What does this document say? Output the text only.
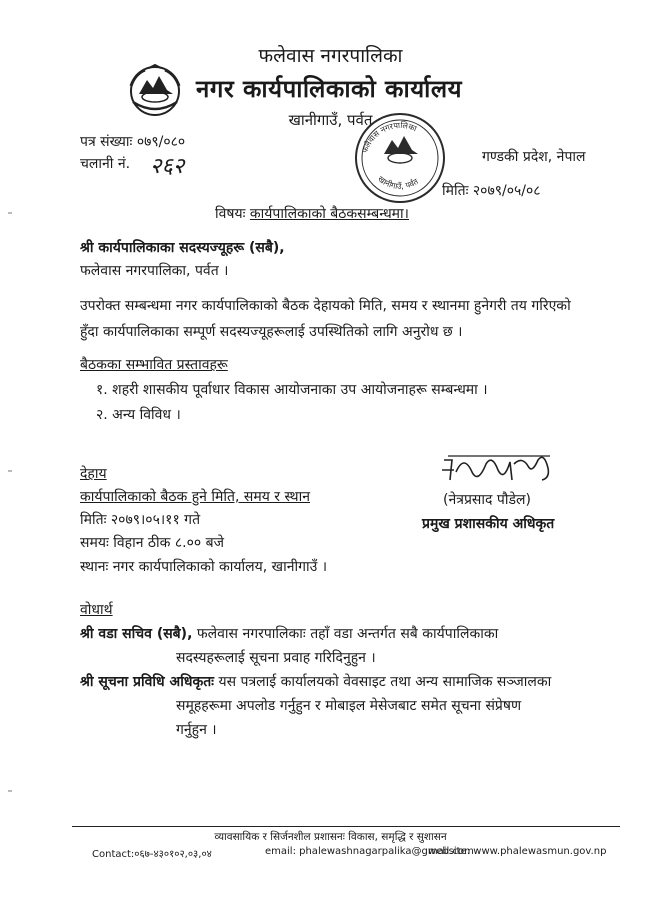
फलेवास नगरपालिका
नगर कार्यपालिकाको कार्यालय
खानीगाउँ, पर्वत
पत्र संख्याः ०७९/०८०
चलानी नं. २६२	गण्डकी प्रदेश, नेपाल
फलेवास नगरपालिका
खानीगाउँ, पर्वत
मितिः २०७९/०५/०८
विषयः कार्यपालिकाको बैठकसम्बन्धमा।
श्री कार्यपालिकाका सदस्यज्यूहरू (सबै),
फलेवास नगरपालिका, पर्वत ।
उपरोक्त सम्बन्धमा नगर कार्यपालिकाको बैठक देहायको मिति, समय र स्थानमा हुनेगरी तय गरिएको हुँदा कार्यपालिकाका सम्पूर्ण सदस्यज्यूहरूलाई उपस्थितिको लागि अनुरोध छ ।
बैठकका सम्भावित प्रस्तावहरू
१. शहरी शासकीय पूर्वाधार विकास आयोजनाका उप आयोजनाहरू सम्बन्धमा ।
२. अन्य विविध ।
देहाय
कार्यपालिकाको बैठक हुने मिति, समय र स्थान
मितिः २०७९।०५।११ गते
समयः विहान ठीक ८.०० बजे
स्थानः नगर कार्यपालिकाको कार्यालय, खानीगाउँ ।
(नेत्रप्रसाद पौडेल)
प्रमुख प्रशासकीय अधिकृत
वोधार्थ
श्री वडा सचिव (सबै), फलेवास नगरपालिकाः तहाँ वडा अन्तर्गत सबै कार्यपालिकाका
सदस्यहरूलाई सूचना प्रवाह गरिदिनुहुन ।
श्री सूचना प्रविधि अधिकृतः यस पत्रलाई कार्यालयको वेवसाइट तथा अन्य सामाजिक सञ्जालका
समूहहरूमा अपलोड गर्नुहुन र मोबाइल मेसेजबाट समेत सूचना संप्रेषण
गर्नुहुन ।
व्यावसायिक र सिर्जनशील प्रशासनः विकास, समृद्धि र सुशासन
Contact:०६७-४३०१०२,०३,०४	email: phalewashnagarpalika@gmail.com
website: www.phalewasmun.gov.np
